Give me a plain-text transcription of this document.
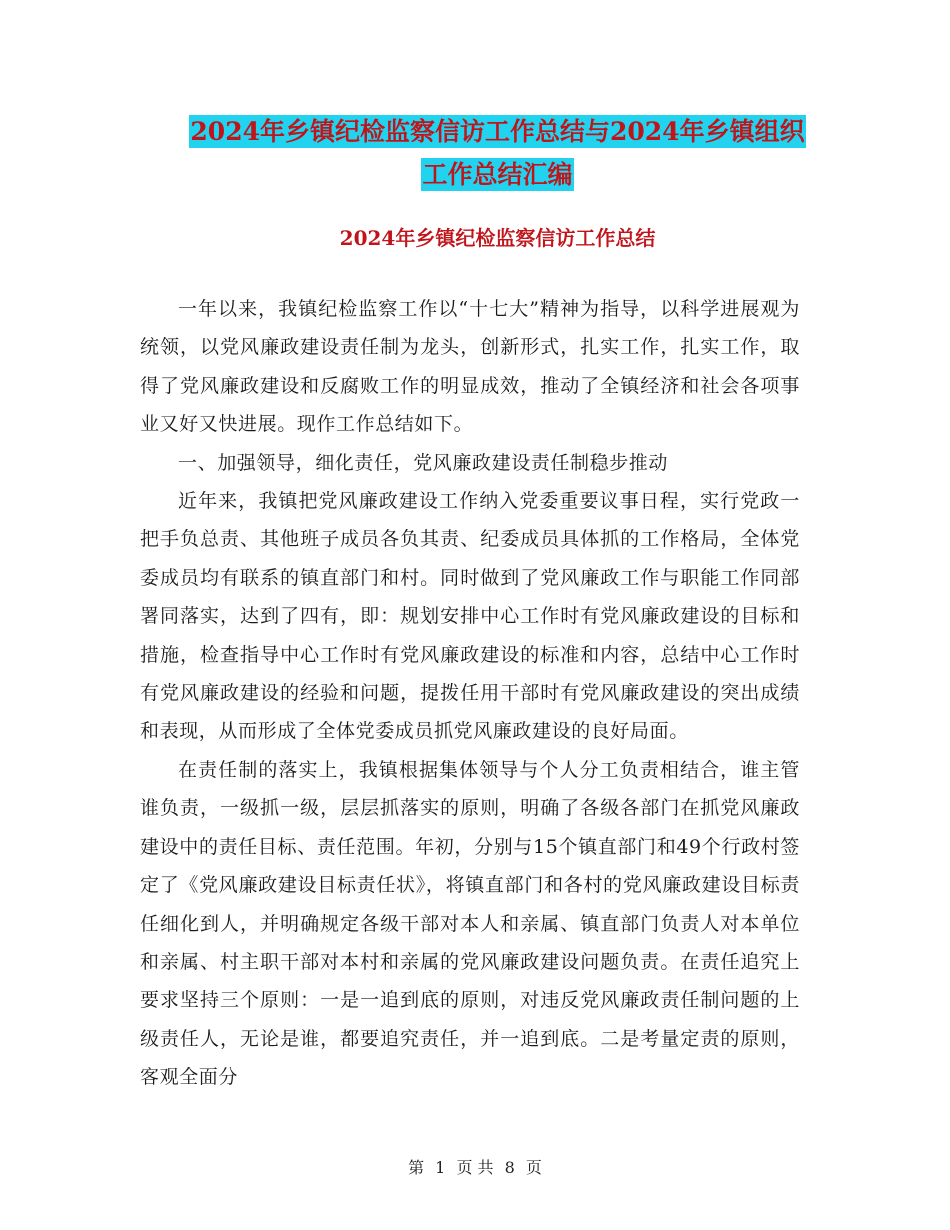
2024年乡镇纪检监察信访工作总结与2024年乡镇组织
工作总结汇编
2024年乡镇纪检监察信访工作总结

一年以来，我镇纪检监察工作以“十七大”精神为指导，以科学进展观为统领，以党风廉政建设责任制为龙头，创新形式，扎实工作，扎实工作，取得了党风廉政建设和反腐败工作的明显成效，推动了全镇经济和社会各项事业又好又快进展。现作工作总结如下。

一、加强领导，细化责任，党风廉政建设责任制稳步推动

近年来，我镇把党风廉政建设工作纳入党委重要议事日程，实行党政一把手负总责、其他班子成员各负其责、纪委成员具体抓的工作格局，全体党委成员均有联系的镇直部门和村。同时做到了党风廉政工作与职能工作同部署同落实，达到了四有，即：规划安排中心工作时有党风廉政建设的目标和措施，检查指导中心工作时有党风廉政建设的标准和内容，总结中心工作时有党风廉政建设的经验和问题，提拨任用干部时有党风廉政建设的突出成绩和表现，从而形成了全体党委成员抓党风廉政建设的良好局面。

在责任制的落实上，我镇根据集体领导与个人分工负责相结合，谁主管谁负责，一级抓一级，层层抓落实的原则，明确了各级各部门在抓党风廉政建设中的责任目标、责任范围。年初，分别与15个镇直部门和49个行政村签定了《党风廉政建设目标责任状》，将镇直部门和各村的党风廉政建设目标责任细化到人，并明确规定各级干部对本人和亲属、镇直部门负责人对本单位和亲属、村主职干部对本村和亲属的党风廉政建设问题负责。在责任追究上要求坚持三个原则：一是一追到底的原则，对违反党风廉政责任制问题的上级责任人，无论是谁，都要追究责任，并一追到底。二是考量定责的原则，客观全面分

第 1 页 共 8 页
